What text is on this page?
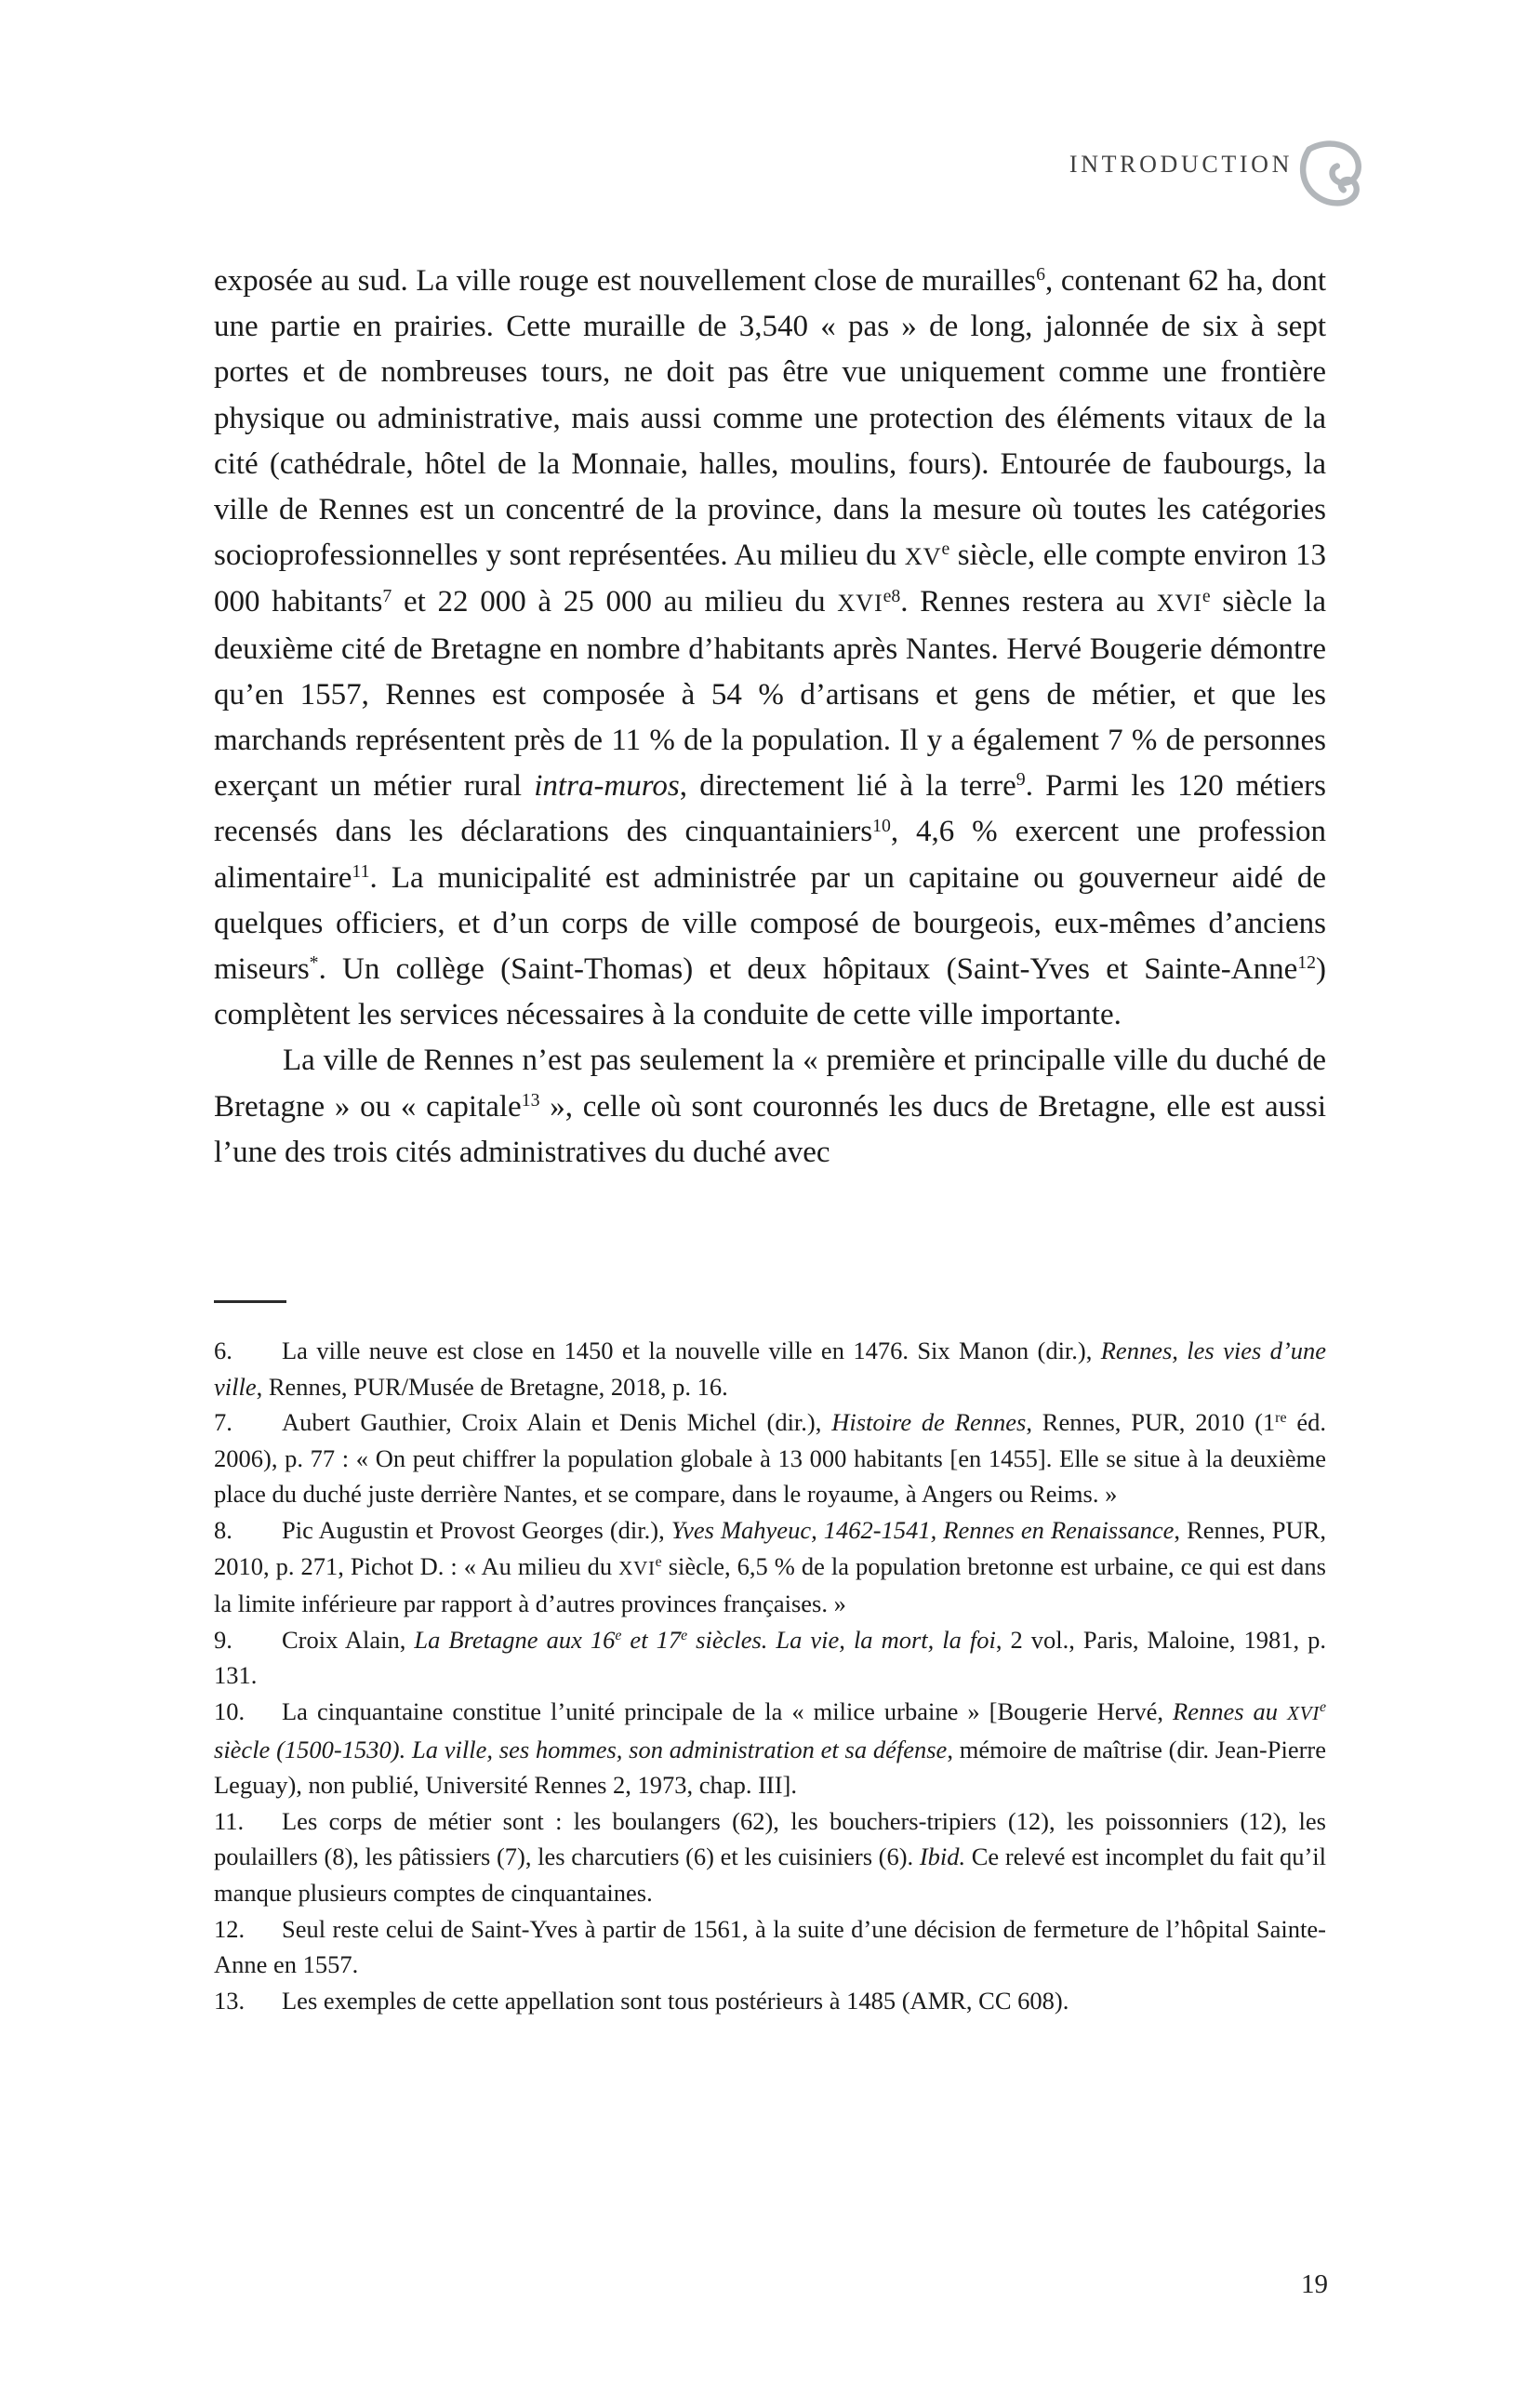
INTRODUCTION

exposée au sud. La ville rouge est nouvellement close de murailles$^6$, contenant 62 ha, dont une partie en prairies. Cette muraille de 3,540 « pas » de long, jalonnée de six à sept portes et de nombreuses tours, ne doit pas être vue uniquement comme une frontière physique ou administrative, mais aussi comme une protection des éléments vitaux de la cité (cathédrale, hôtel de la Monnaie, halles, moulins, fours). Entourée de faubourgs, la ville de Rennes est un concentré de la province, dans la mesure où toutes les catégories socioprofessionnelles y sont représentées. Au milieu du XVe siècle, elle compte environ 13 000 habitants$^7$ et 22 000 à 25 000 au milieu du $XVI^{e8}$. Rennes restera au XVIe siècle la deuxième cité de Bretagne en nombre d’habitants après Nantes. Hervé Bougerie démontre qu’en 1557, Rennes est composée à 54 % d’artisans et gens de métier, et que les marchands représentent près de 11 % de la population. Il y a également 7 % de personnes exerçant un métier rural intra-muros, directement lié à la terre$^9$. Parmi les 120 métiers recensés dans les déclarations des cinquantainiers$^{10}$, 4,6 % exercent une profession alimentaire$^{11}$. La municipalité est administrée par un capitaine ou gouverneur aidé de quelques officiers, et d’un corps de ville composé de bourgeois, eux-mêmes d’anciens miseurs*. Un collège (Saint-Thomas) et deux hôpitaux (Saint-Yves et Sainte-Anne$^{12}$) complètent les services nécessaires à la conduite de cette ville importante.

La ville de Rennes n’est pas seulement la « première et principalle ville du duché de Bretagne » ou « capitale$^{13}$ », celle où sont couronnés les ducs de Bretagne, elle est aussi l’une des trois cités administratives du duché avec

6. La ville neuve est close en 1450 et la nouvelle ville en 1476. Six Manon (dir.), Rennes, les vies d’une ville, Rennes, PUR/Musée de Bretagne, 2018, p. 16.

7. Aubert Gauthier, Croix Alain et Denis Michel (dir.), Histoire de Rennes, Rennes, PUR, 2010 (1re éd. 2006), p. 77 : « On peut chiffrer la population globale à 13 000 habitants [en 1455]. Elle se situe à la deuxième place du duché juste derrière Nantes, et se compare, dans le royaume, à Angers ou Reims. »

8. Pic Augustin et Provost Georges (dir.), Yves Mahyeuc, 1462-1541, Rennes en Renaissance, Rennes, PUR, 2010, p. 271, Pichot D. : « Au milieu du XVIe siècle, 6,5 % de la population bretonne est urbaine, ce qui est dans la limite inférieure par rapport à d’autres provinces françaises. »

9. Croix Alain, La Bretagne aux 16e et 17e siècles. La vie, la mort, la foi, 2 vol., Paris, Maloine, 1981, p. 131.

10. La cinquantaine constitue l’unité principale de la « milice urbaine » [Bougerie Hervé, Rennes au XVIe siècle (1500-1530). La ville, ses hommes, son administration et sa défense, mémoire de maîtrise (dir. Jean-Pierre Leguay), non publié, Université Rennes 2, 1973, chap. III].

11. Les corps de métier sont : les boulangers (62), les bouchers-tripiers (12), les poissonniers (12), les poulaillers (8), les pâtissiers (7), les charcutiers (6) et les cuisiniers (6). Ibid. Ce relevé est incomplet du fait qu’il manque plusieurs comptes de cinquantaines.

12. Seul reste celui de Saint-Yves à partir de 1561, à la suite d’une décision de fermeture de l’hôpital Sainte-Anne en 1557.

13. Les exemples de cette appellation sont tous postérieurs à 1485 (AMR, CC 608).

19
